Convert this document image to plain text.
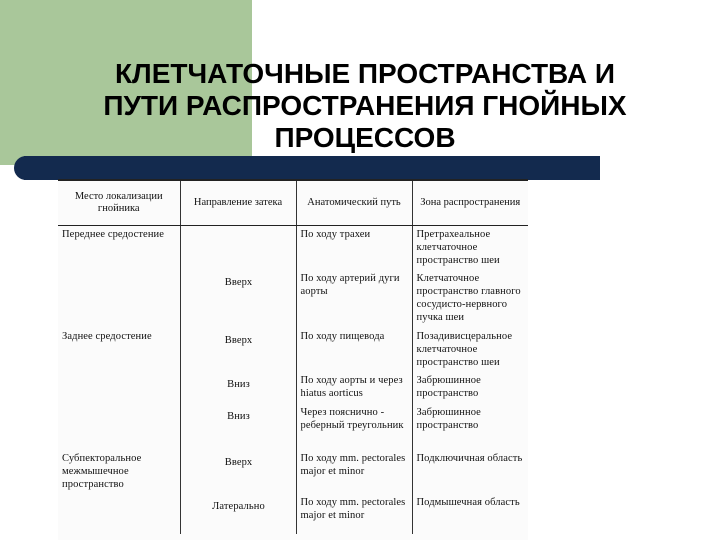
КЛЕТЧАТОЧНЫЕ ПРОСТРАНСТВА И
ПУТИ РАСПРОСТРАНЕНИЯ ГНОЙНЫХ
ПРОЦЕССОВ
Место локализации гнойника	Направление затека	Анатомический путь	Зона распространения
Переднее средостение		По ходу трахеи	Претрахеальное клетчаточное пространство шеи
	Вверх	По ходу артерий дуги аорты	Клетчаточное пространство главного сосудисто-нервного пучка шеи
Заднее средостение	Вверх	По ходу пищевода	Позадивисцеральное клетчаточное пространство шеи
	Вниз	По ходу аорты и через hiatus aorticus	Забрюшинное пространство
	Вниз	Через пояснично - реберный треугольник	Забрюшинное пространство
Субпекторальное межмышечное пространство	Вверх	По ходу mm. pectorales major et minor	Подключичная область
	Латерально	По ходу mm. pectorales major et minor	Подмышечная область
